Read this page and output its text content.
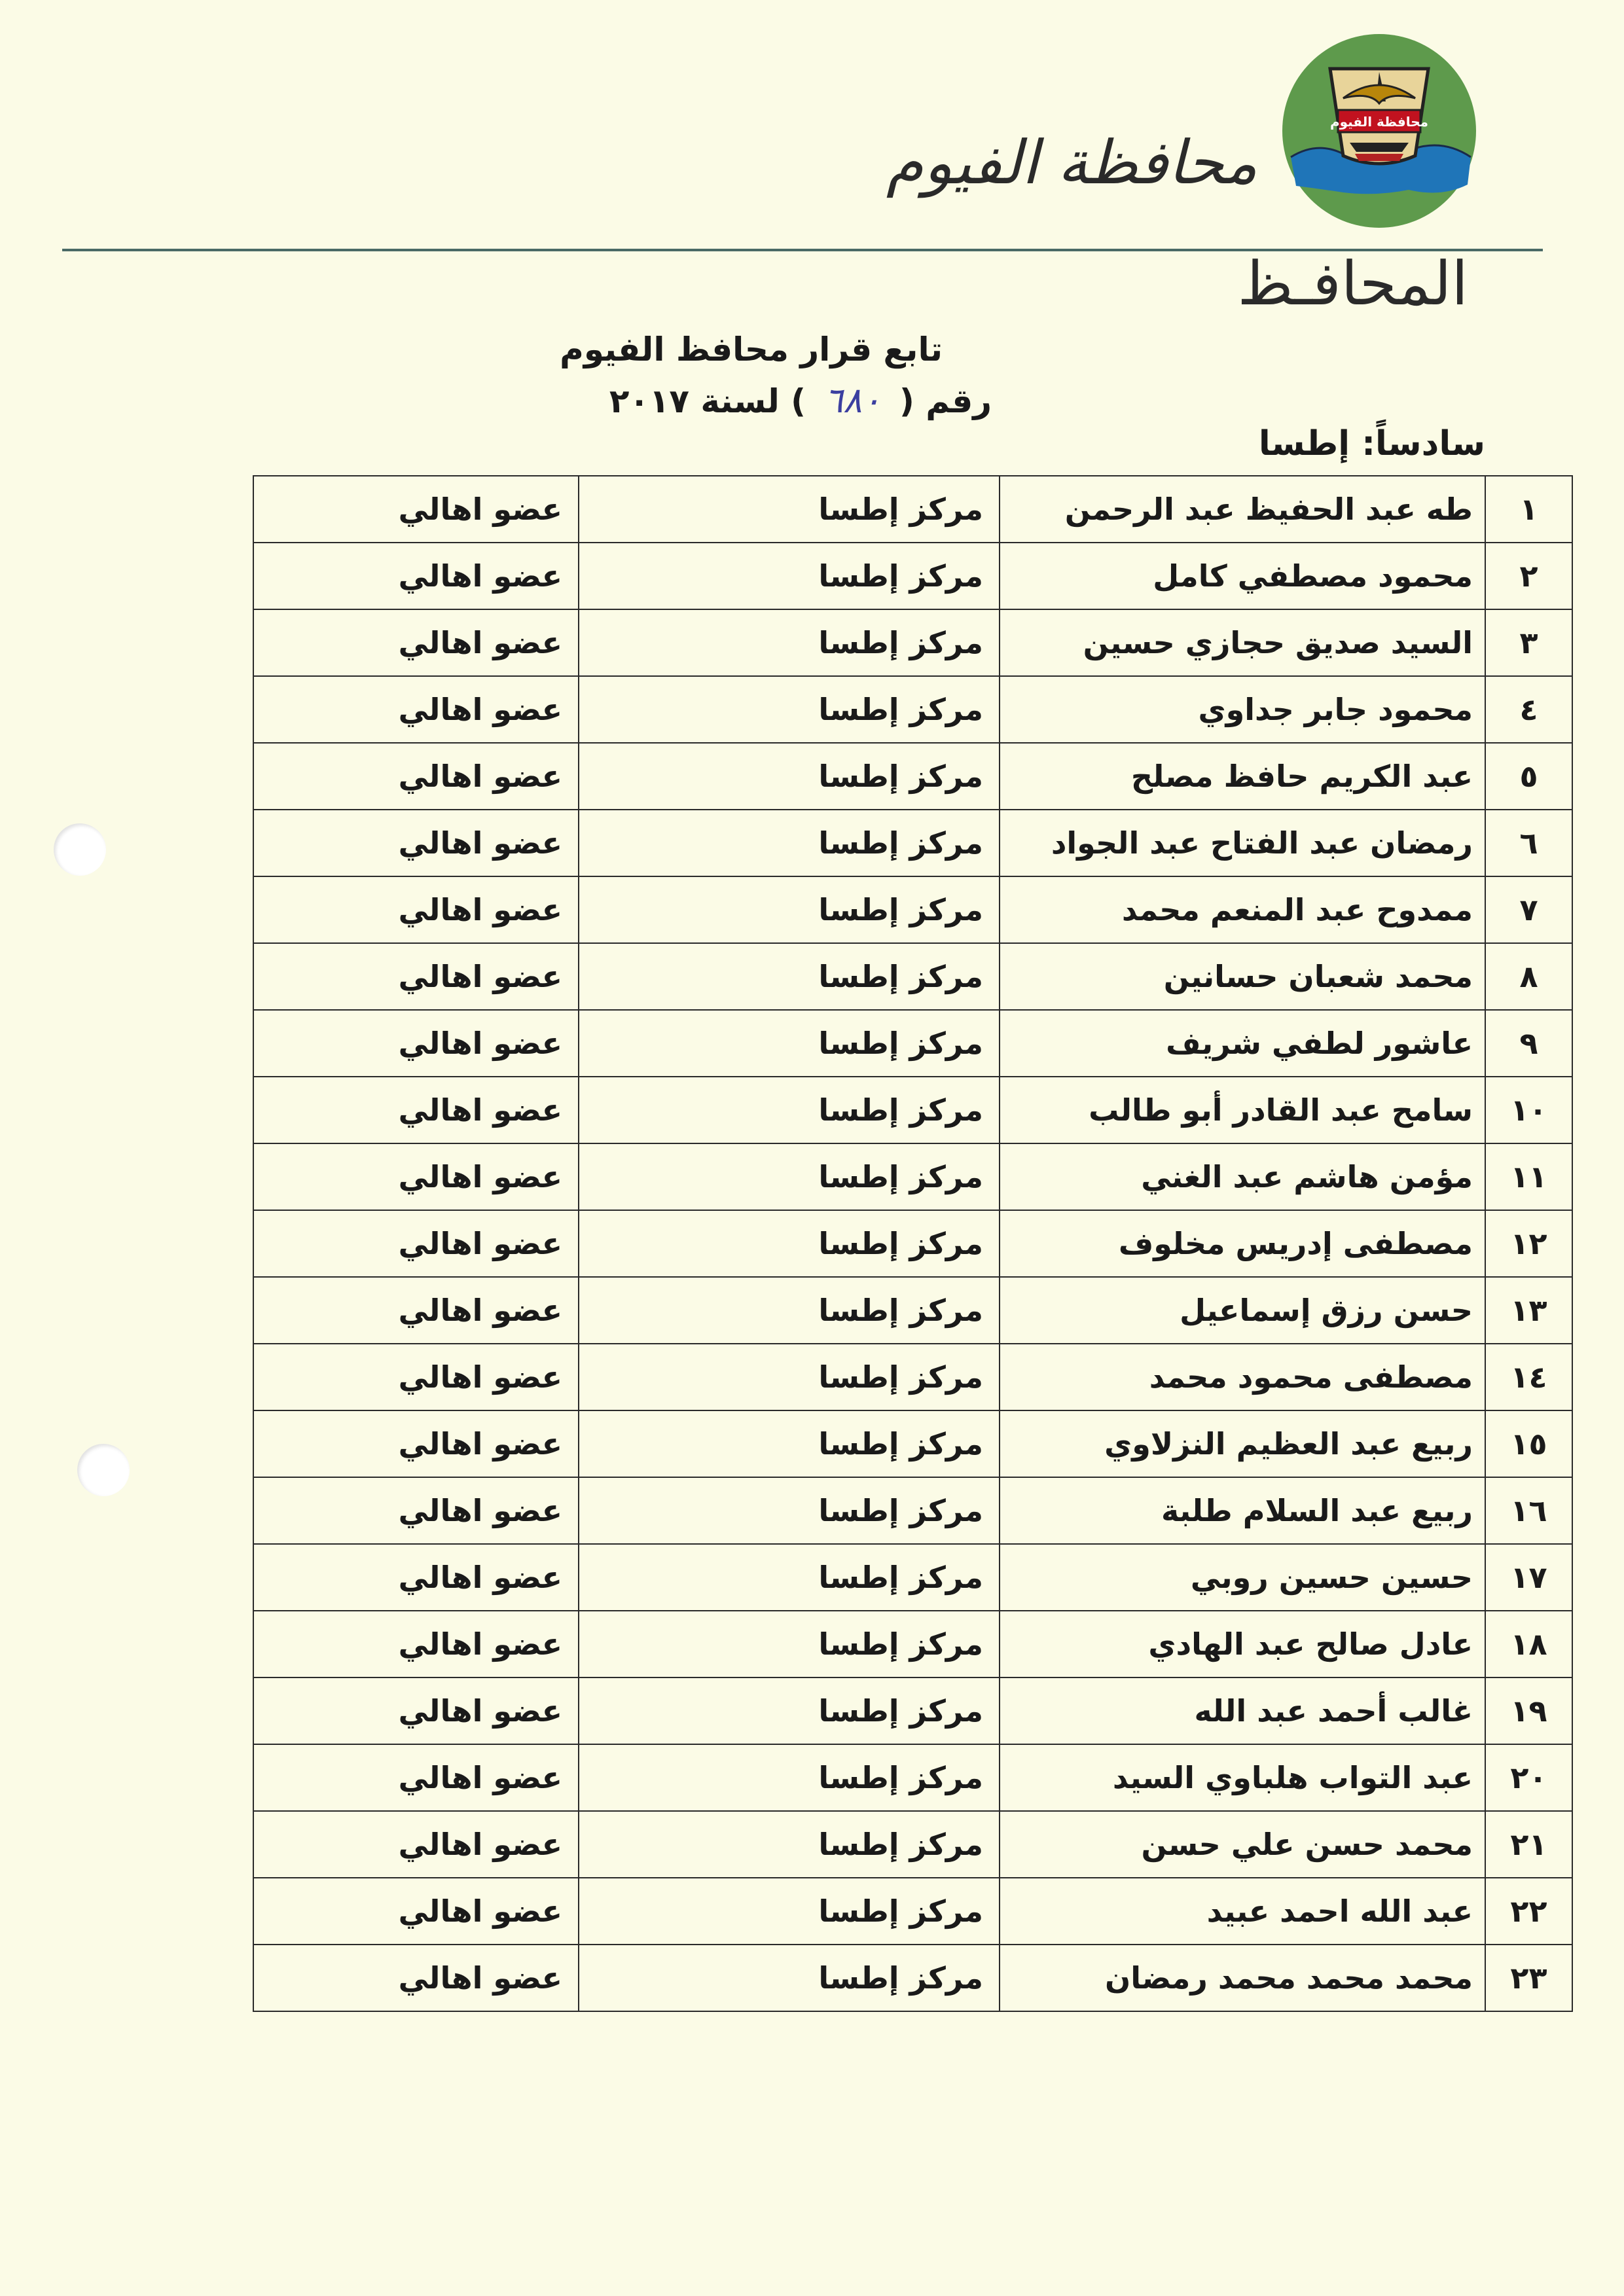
محافظة الفيوم
محافظة الفيوم
المحافـظ
تابع قرار محافظ الفيوم
رقم (٦٨٠) لسنة ٢٠١٧
سادساً: إطسا
١	طه عبد الحفيظ عبد الرحمن	مركز إطسا	عضو اهالي
٢	محمود مصطفي كامل	مركز إطسا	عضو اهالي
٣	السيد صديق حجازي حسين	مركز إطسا	عضو اهالي
٤	محمود جابر جداوي	مركز إطسا	عضو اهالي
٥	عبد الكريم حافظ مصلح	مركز إطسا	عضو اهالي
٦	رمضان عبد الفتاح عبد الجواد	مركز إطسا	عضو اهالي
٧	ممدوح عبد المنعم محمد	مركز إطسا	عضو اهالي
٨	محمد شعبان حسانين	مركز إطسا	عضو اهالي
٩	عاشور لطفي شريف	مركز إطسا	عضو اهالي
١٠	سامح عبد القادر أبو طالب	مركز إطسا	عضو اهالي
١١	مؤمن هاشم عبد الغني	مركز إطسا	عضو اهالي
١٢	مصطفى إدريس مخلوف	مركز إطسا	عضو اهالي
١٣	حسن رزق إسماعيل	مركز إطسا	عضو اهالي
١٤	مصطفى محمود محمد	مركز إطسا	عضو اهالي
١٥	ربيع عبد العظيم النزلاوي	مركز إطسا	عضو اهالي
١٦	ربيع عبد السلام طلبة	مركز إطسا	عضو اهالي
١٧	حسين حسين روبي	مركز إطسا	عضو اهالي
١٨	عادل صالح عبد الهادي	مركز إطسا	عضو اهالي
١٩	غالب أحمد عبد الله	مركز إطسا	عضو اهالي
٢٠	عبد التواب هلباوي السيد	مركز إطسا	عضو اهالي
٢١	محمد حسن علي حسن	مركز إطسا	عضو اهالي
٢٢	عبد الله احمد عبيد	مركز إطسا	عضو اهالي
٢٣	محمد محمد محمد رمضان	مركز إطسا	عضو اهالي
